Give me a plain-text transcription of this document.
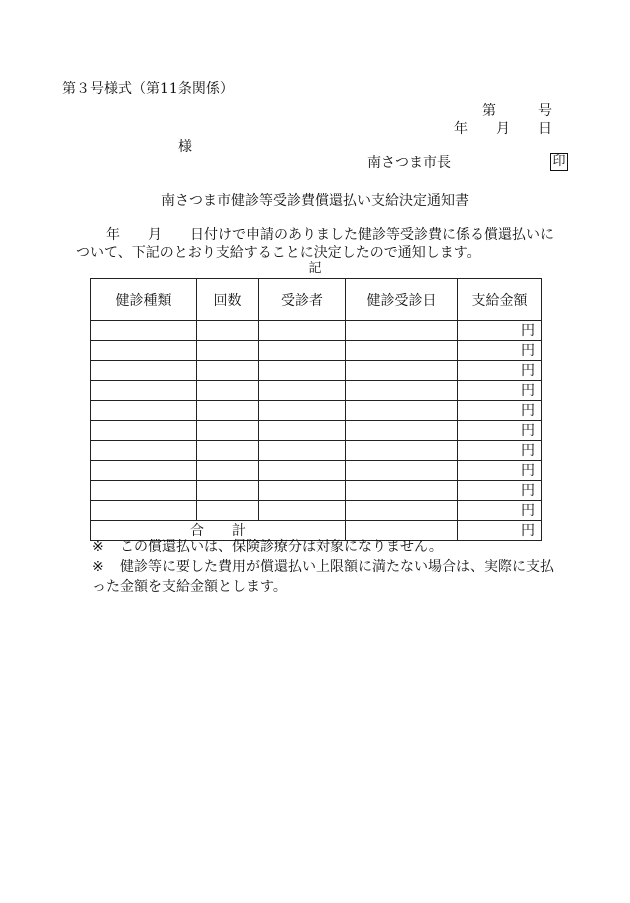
第３号様式（第11条関係）
第　　　号
年　　月　　日
様
南さつま市長	印
南さつま市健診等受診費償還払い支給決定通知書

　　年　　月　　日付けで申請のありました健診等受診費に係る償還払いに

ついて、下記のとおり支給することに決定したので通知します。

記
健診種類	回数	受診者	健診受診日	支給金額
				円
				円
				円
				円
				円
				円
				円
				円
				円
				円
合　　計				円
※	この償還払いは、保険診療分は対象になりません。
※	健診等に要した費用が償還払い上限額に満たない場合は、実際に支払
った金額を支給金額とします。
